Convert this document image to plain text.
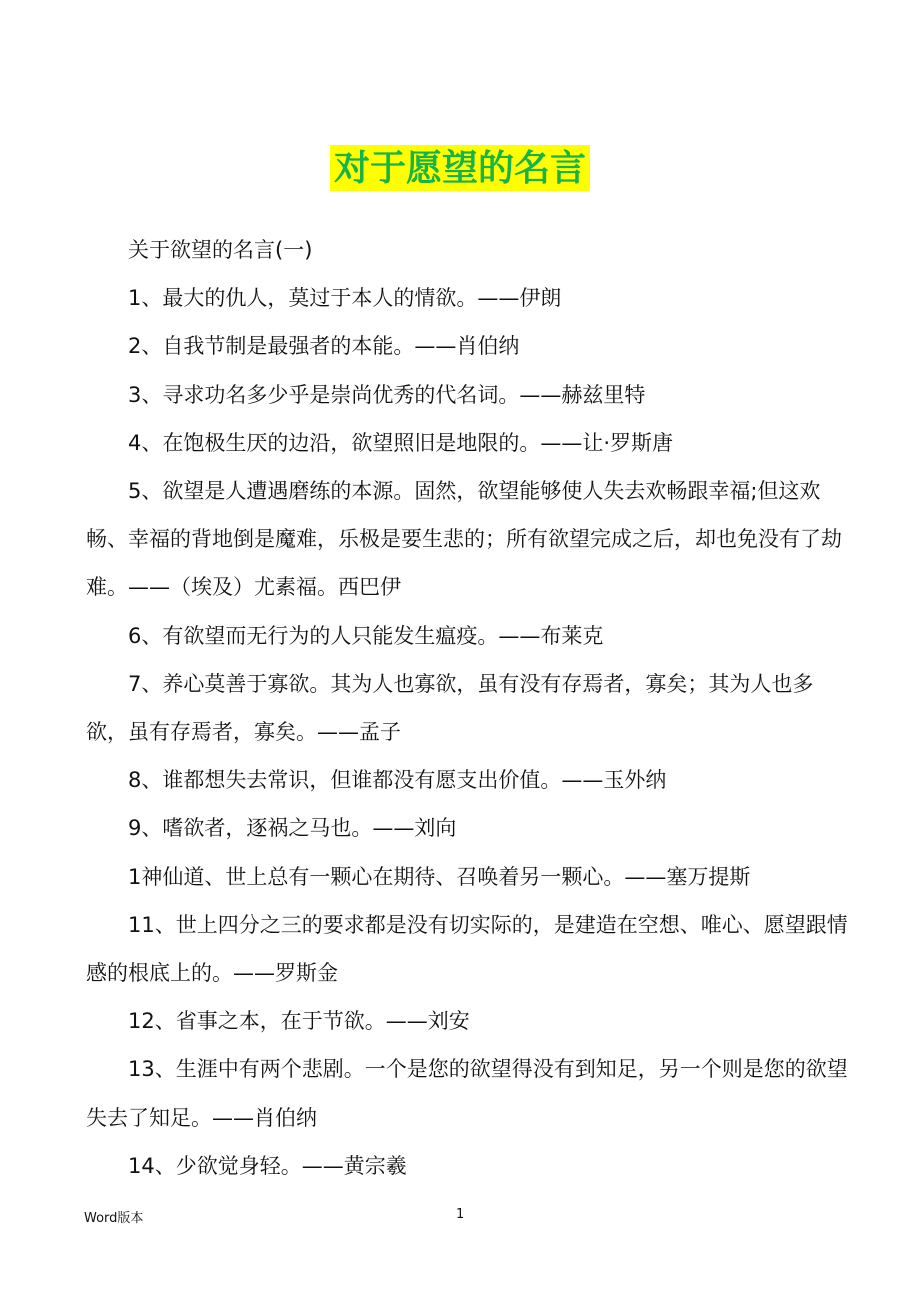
对于愿望的名言

关于欲望的名言(一)

1、最大的仇人，莫过于本人的情欲。——伊朗

2、自我节制是最强者的本能。——肖伯纳

3、寻求功名多少乎是崇尚优秀的代名词。——赫兹里特

4、在饱极生厌的边沿，欲望照旧是地限的。——让·罗斯唐

5、欲望是人遭遇磨练的本源。固然，欲望能够使人失去欢畅跟幸福;但这欢畅、幸福的背地倒是魔难，乐极是要生悲的；所有欲望完成之后，却也免没有了劫难。——（埃及）尤素福。西巴伊

6、有欲望而无行为的人只能发生瘟疫。——布莱克

7、养心莫善于寡欲。其为人也寡欲，虽有没有存焉者，寡矣；其为人也多欲，虽有存焉者，寡矣。——孟子

8、谁都想失去常识，但谁都没有愿支出价值。——玉外纳

9、嗜欲者，逐祸之马也。——刘向

1神仙道、世上总有一颗心在期待、召唤着另一颗心。——塞万提斯

11、世上四分之三的要求都是没有切实际的，是建造在空想、唯心、愿望跟情感的根底上的。——罗斯金

12、省事之本，在于节欲。——刘安

13、生涯中有两个悲剧。一个是您的欲望得没有到知足，另一个则是您的欲望失去了知足。——肖伯纳

14、少欲觉身轻。——黄宗羲

Word版本	1
